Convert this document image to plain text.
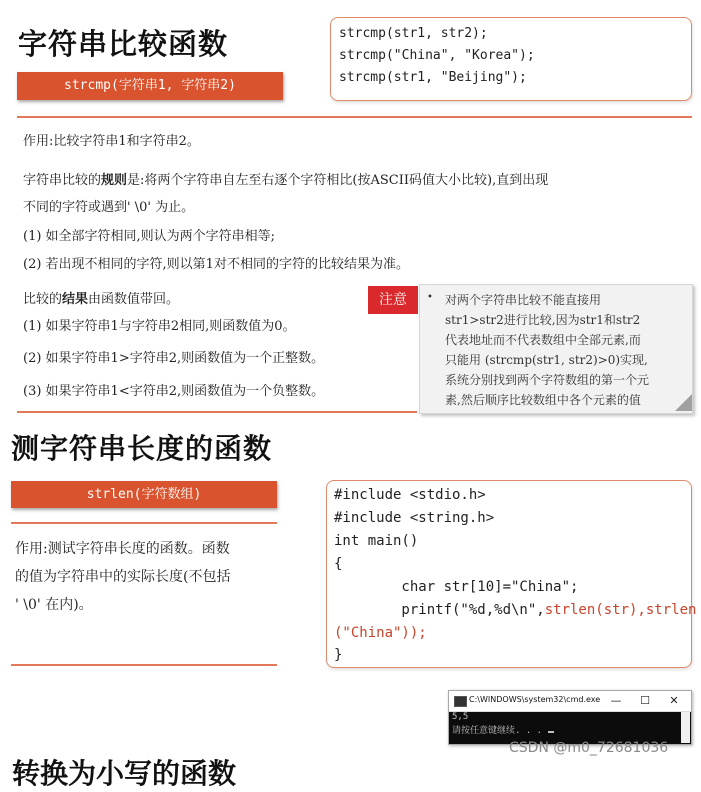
字符串比较函数
strcmp(字符串1, 字符串2)
strcmp(str1, str2);
strcmp("China", "Korea");
strcmp(str1, "Beijing");
作用:比较字符串1和字符串2。
字符串比较的规则是:将两个字符串自左至右逐个字符相比(按ASCII码值大小比较),直到出现
不同的字符或遇到' \0' 为止。
(1) 如全部字符相同,则认为两个字符串相等;
(2) 若出现不相同的字符,则以第1对不相同的字符的比较结果为准。
比较的结果由函数值带回。
(1) 如果字符串1与字符串2相同,则函数值为0。
(2) 如果字符串1>字符串2,则函数值为一个正整数。
(3) 如果字符串1<字符串2,则函数值为一个负整数。
注意	• 对两个字符串比较不能直接用
str1>str2进行比较,因为str1和str2
代表地址而不代表数组中全部元素,而
只能用 (strcmp(str1, str2)>0)实现,
系统分别找到两个字符数组的第一个元
素,然后顺序比较数组中各个元素的值
测字符串长度的函数
strlen(字符数组)
作用:测试字符串长度的函数。函数
的值为字符串中的实际长度(不包括
' \0' 在内)。
#include <stdio.h>
#include <string.h>
int main()
{
char str[10]="China";
printf("%d,%d\n",strlen(str),strlen
("China"));
}
C:\WINDOWS\system32\cmd.exe —	☐	✕
5,5
请按任意键继续. . .
CSDN @m0_72681036
转换为小写的函数
